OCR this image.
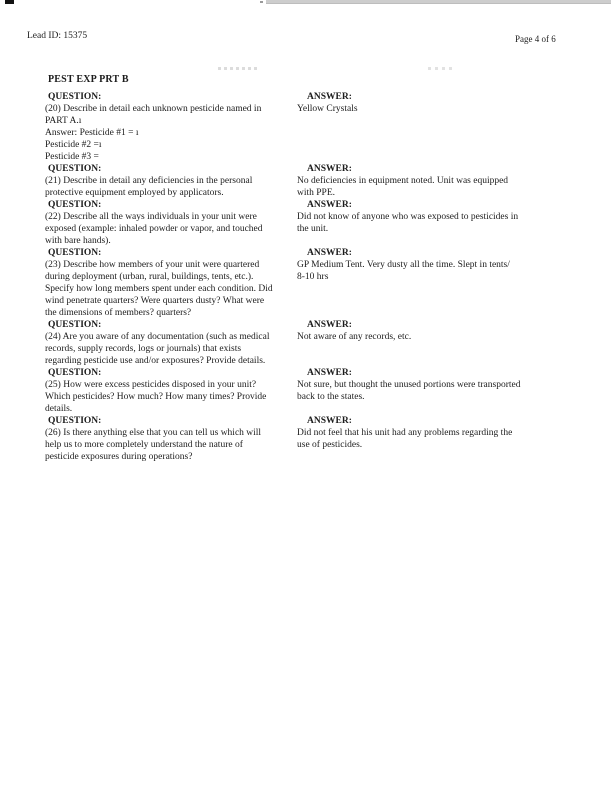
Lead ID: 15375	Page 4 of 6
PEST EXP PRT B
QUESTION:
(20) Describe in detail each unknown pesticide named in
PART A.ı
Answer: Pesticide #1 = ı
Pesticide #2 =ı
Pesticide #3 =
ANSWER:
Yellow Crystals
QUESTION:
(21) Describe in detail any deficiencies in the personal
protective equipment employed by applicators.
ANSWER:
No deficiencies in equipment noted. Unit was equipped
with PPE.
QUESTION:
(22) Describe all the ways individuals in your unit were
exposed (example: inhaled powder or vapor, and touched
with bare hands).
ANSWER:
Did not know of anyone who was exposed to pesticides in
the unit.
QUESTION:
(23) Describe how members of your unit were quartered
during deployment (urban, rural, buildings, tents, etc.).
Specify how long members spent under each condition. Did
wind penetrate quarters? Were quarters dusty? What were
the dimensions of members? quarters?
ANSWER:
GP Medium Tent. Very dusty all the time. Slept in tents/
8-10 hrs
QUESTION:
(24) Are you aware of any documentation (such as medical
records, supply records, logs or journals) that exists
regarding pesticide use and/or exposures? Provide details.
ANSWER:
Not aware of any records, etc.
QUESTION:
(25) How were excess pesticides disposed in your unit?
Which pesticides? How much? How many times? Provide
details.
ANSWER:
Not sure, but thought the unused portions were transported
back to the states.
QUESTION:
(26) Is there anything else that you can tell us which will
help us to more completely understand the nature of
pesticide exposures during operations?
ANSWER:
Did not feel that his unit had any problems regarding the
use of pesticides.
